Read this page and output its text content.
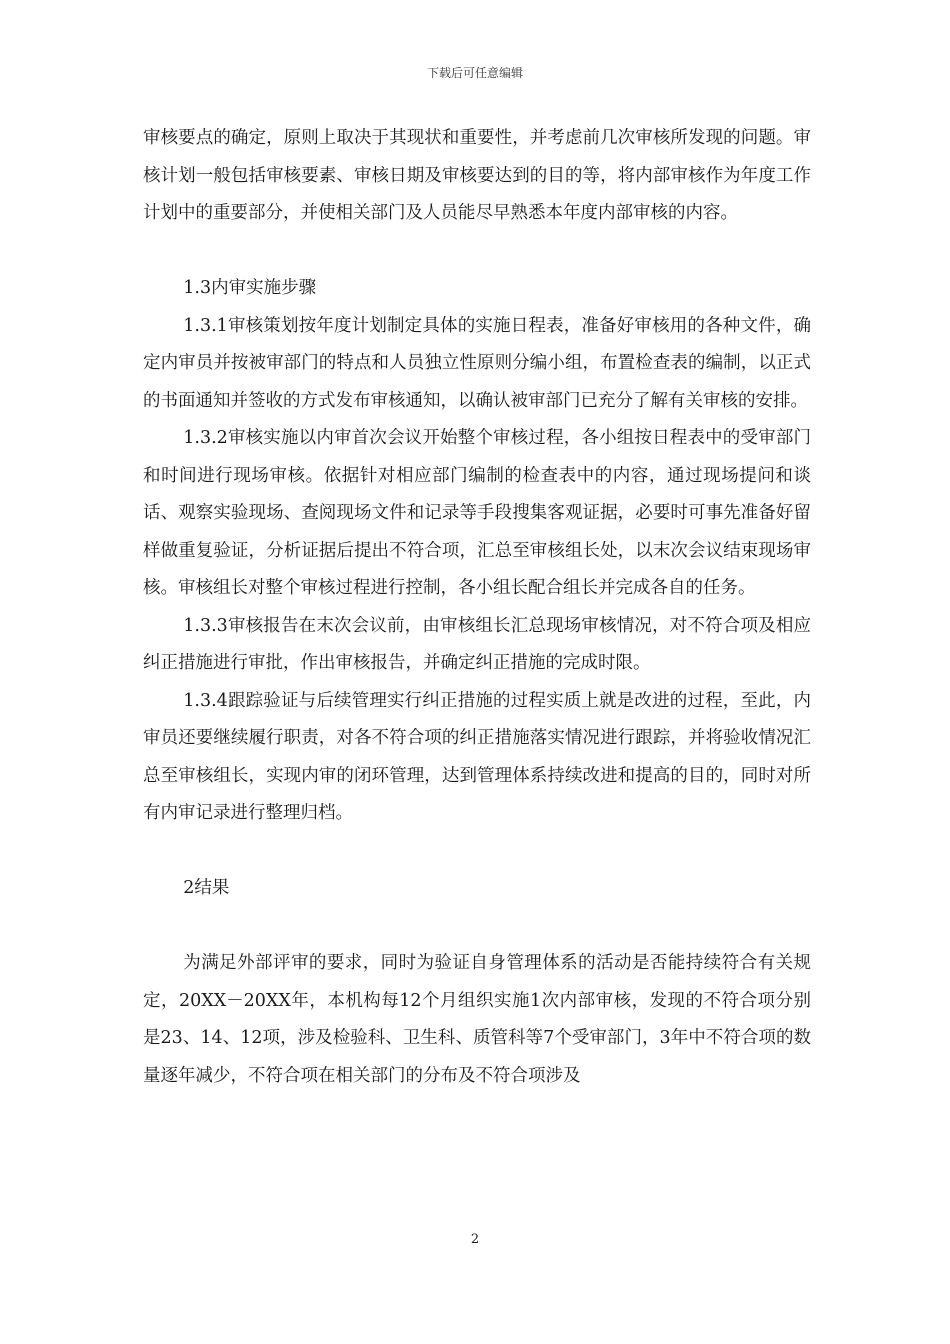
下载后可任意编辑

审核要点的确定，原则上取决于其现状和重要性，并考虑前几次审核所发现的问题。审核计划一般包括审核要素、审核日期及审核要达到的目的等，将内部审核作为年度工作计划中的重要部分，并使相关部门及人员能尽早熟悉本年度内部审核的内容。

1.3内审实施步骤

1.3.1审核策划按年度计划制定具体的实施日程表，准备好审核用的各种文件，确定内审员并按被审部门的特点和人员独立性原则分编小组，布置检查表的编制，以正式的书面通知并签收的方式发布审核通知，以确认被审部门已充分了解有关审核的安排。

1.3.2审核实施以内审首次会议开始整个审核过程，各小组按日程表中的受审部门和时间进行现场审核。依据针对相应部门编制的检查表中的内容，通过现场提问和谈话、观察实验现场、查阅现场文件和记录等手段搜集客观证据，必要时可事先准备好留样做重复验证，分析证据后提出不符合项，汇总至审核组长处，以末次会议结束现场审核。审核组长对整个审核过程进行控制，各小组长配合组长并完成各自的任务。

1.3.3审核报告在末次会议前，由审核组长汇总现场审核情况，对不符合项及相应纠正措施进行审批，作出审核报告，并确定纠正措施的完成时限。

1.3.4跟踪验证与后续管理实行纠正措施的过程实质上就是改进的过程，至此，内审员还要继续履行职责，对各不符合项的纠正措施落实情况进行跟踪，并将验收情况汇总至审核组长，实现内审的闭环管理，达到管理体系持续改进和提高的目的，同时对所有内审记录进行整理归档。

2结果

为满足外部评审的要求，同时为验证自身管理体系的活动是否能持续符合有关规定，20XX－20XX年，本机构每12个月组织实施1次内部审核，发现的不符合项分别是23、14、12项，涉及检验科、卫生科、质管科等7个受审部门，3年中不符合项的数量逐年减少，不符合项在相关部门的分布及不符合项涉及

2
